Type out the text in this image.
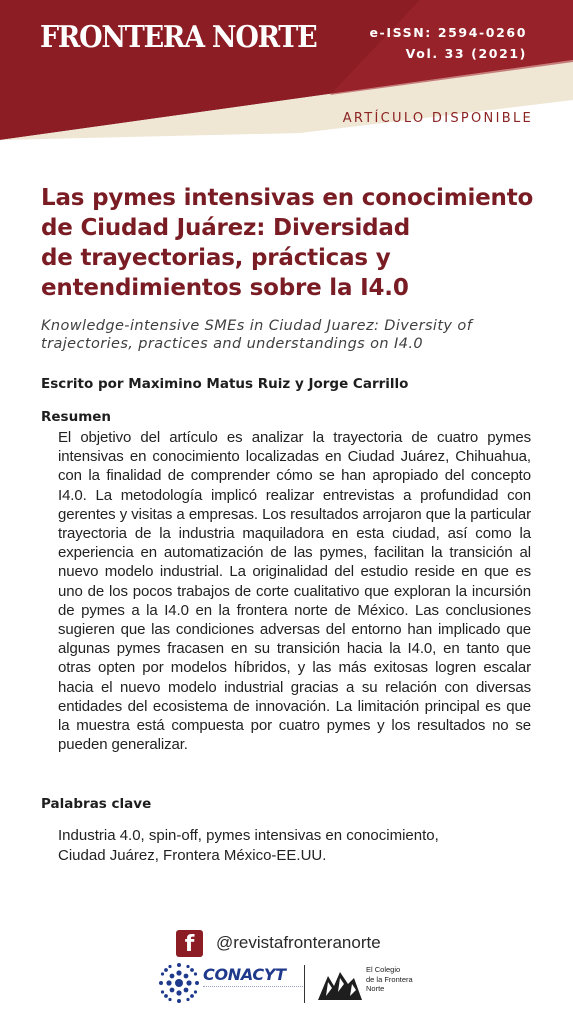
FRONTERA NORTE	e-ISSN: 2594-0260
Vol. 33 (2021)
ARTÍCULO DISPONIBLE
Las pymes intensivas en conocimiento
de Ciudad Juárez: Diversidad
de trayectorias, prácticas y
entendimientos sobre la I4.0
Knowledge-intensive SMEs in Ciudad Juarez: Diversity of
trajectories, practices and understandings on I4.0
Escrito por Maximino Matus Ruiz y Jorge Carrillo
Resumen

El objetivo del artículo es analizar la trayectoria de cuatro pymes intensivas en conocimiento localizadas en Ciudad Juárez, Chihuahua, con la finalidad de comprender cómo se han apropiado del concepto I4.0. La metodología implicó realizar entrevistas a profundidad con gerentes y visitas a empresas. Los resultados arrojaron que la particular trayectoria de la industria maquiladora en esta ciudad, así como la experiencia en automatización de las pymes, facilitan la transición al nuevo modelo industrial. La originalidad del estudio reside en que es uno de los pocos trabajos de corte cualitativo que exploran la incursión de pymes a la I4.0 en la frontera norte de México. Las conclusiones sugieren que las condiciones adversas del entorno han implicado que algunas pymes fracasen en su transición hacia la I4.0, en tanto que otras opten por modelos híbridos, y las más exitosas logren escalar hacia el nuevo modelo industrial gracias a su relación con diversas entidades del ecosistema de innovación. La limitación principal es que la muestra está compuesta por cuatro pymes y los resultados no se pueden generalizar.

Palabras clave
Industria 4.0, spin-off, pymes intensivas en conocimiento,
Ciudad Juárez, Frontera México-EE.UU.
f	@revistafronteranorte
CONACYT	El Colegio
de la Frontera
Norte
